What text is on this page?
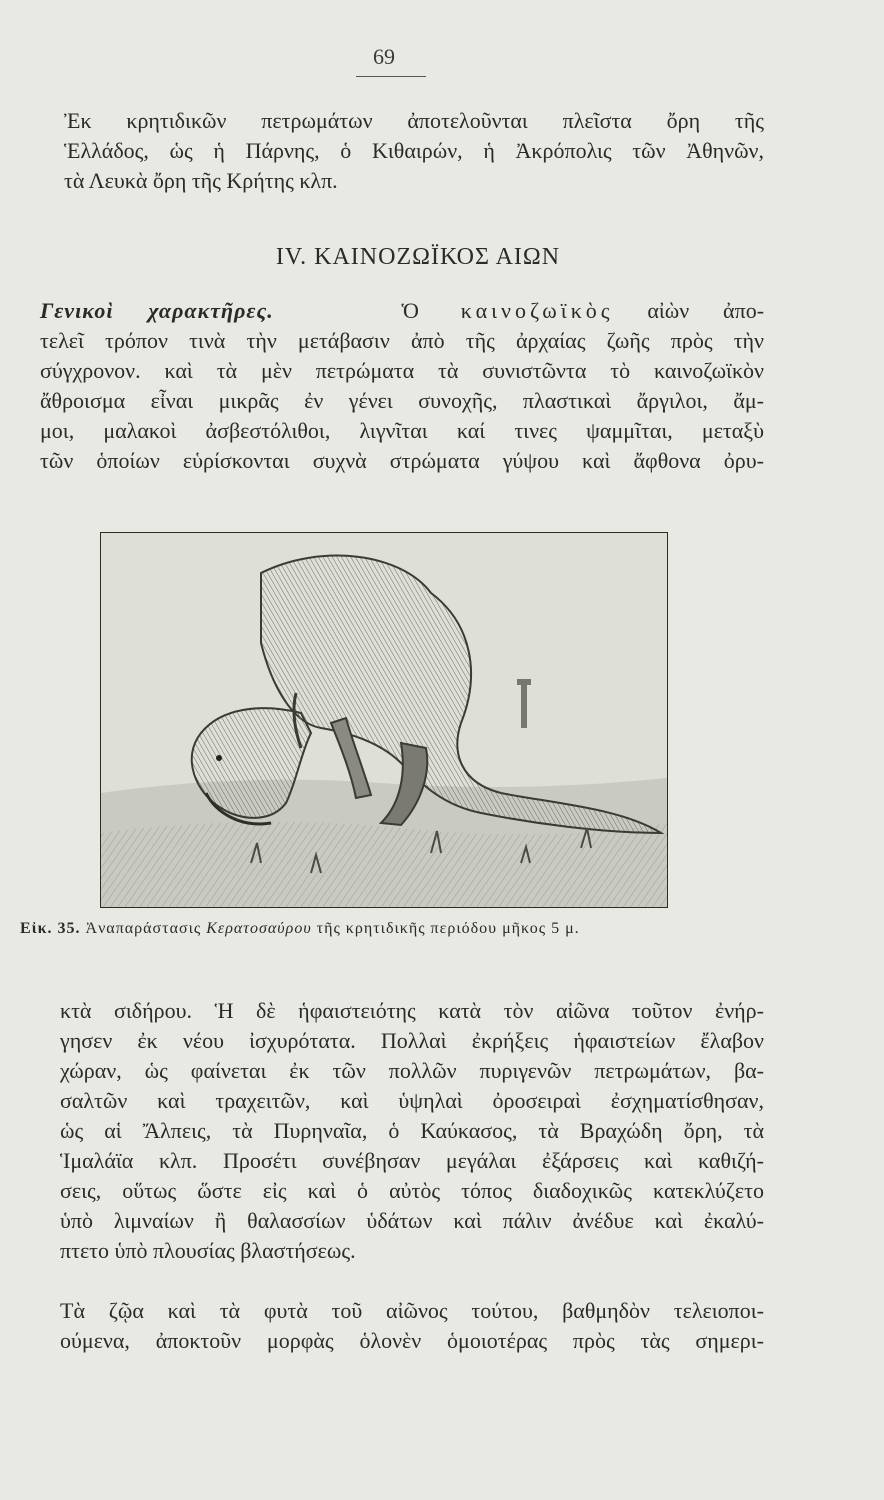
69
Ἐκ κρητιδικῶν πετρωμάτων ἀποτελοῦνται πλεῖστα ὄρη τῆς
Ἑλλάδος, ὡς ἡ Πάρνης, ὁ Κιθαιρών, ἡ Ἀκρόπολις τῶν Ἀθηνῶν,
τὰ Λευκὰ ὄρη τῆς Κρήτης κλπ.
IV. ΚΑΙΝΟΖΩΪΚΟΣ ΑΙΩΝ
Γενικοὶ χαρακτῆρες.	Ὁ καινοζωϊκὸς αἰὼν ἀπο-
τελεῖ τρόπον τινὰ τὴν μετάβασιν ἀπὸ τῆς ἀρχαίας ζωῆς πρὸς τὴν
σύγχρονον. καὶ τὰ μὲν πετρώματα τὰ συνιστῶντα τὸ καινοζωϊκὸν
ἄθροισμα εἶναι μικρᾶς ἐν γένει συνοχῆς, πλαστικαὶ ἄργιλοι, ἄμ-
μοι, μαλακοὶ ἀσβεστόλιθοι, λιγνῖται καί τινες ψαμμῖται, μεταξὺ
τῶν ὁποίων εὑρίσκονται συχνὰ στρώματα γύψου καὶ ἄφθονα ὀρυ-
Εἰκ. 35. Ἀναπαράστασις Κερατοσαύρου τῆς κρητιδικῆς περιόδου μῆκος 5 μ.
κτὰ σιδήρου. Ἡ δὲ ἡφαιστειότης κατὰ τὸν αἰῶνα τοῦτον ἐνήρ-
γησεν ἐκ νέου ἰσχυρότατα. Πολλαὶ ἐκρήξεις ἡφαιστείων ἔλαβον
χώραν, ὡς φαίνεται ἐκ τῶν πολλῶν πυριγενῶν πετρωμάτων, βα-
σαλτῶν καὶ τραχειτῶν, καὶ ὑψηλαὶ ὀροσειραὶ ἐσχηματίσθησαν,
ὡς αἱ Ἄλπεις, τὰ Πυρηναῖα, ὁ Καύκασος, τὰ Βραχώδη ὄρη, τὰ
Ἱμαλάϊα κλπ. Προσέτι συνέβησαν μεγάλαι ἐξάρσεις καὶ καθιζή-
σεις, οὕτως ὥστε εἰς καὶ ὁ αὐτὸς τόπος διαδοχικῶς κατεκλύζετο
ὑπὸ λιμναίων ἢ θαλασσίων ὑδάτων καὶ πάλιν ἀνέδυε καὶ ἐκαλύ-
πτετο ὑπὸ πλουσίας βλαστήσεως.
Τὰ ζῷα καὶ τὰ φυτὰ τοῦ αἰῶνος τούτου, βαθμηδὸν τελειοποι-
ούμενα, ἀποκτοῦν μορφὰς ὁλονὲν ὁμοιοτέρας πρὸς τὰς σημερι-
